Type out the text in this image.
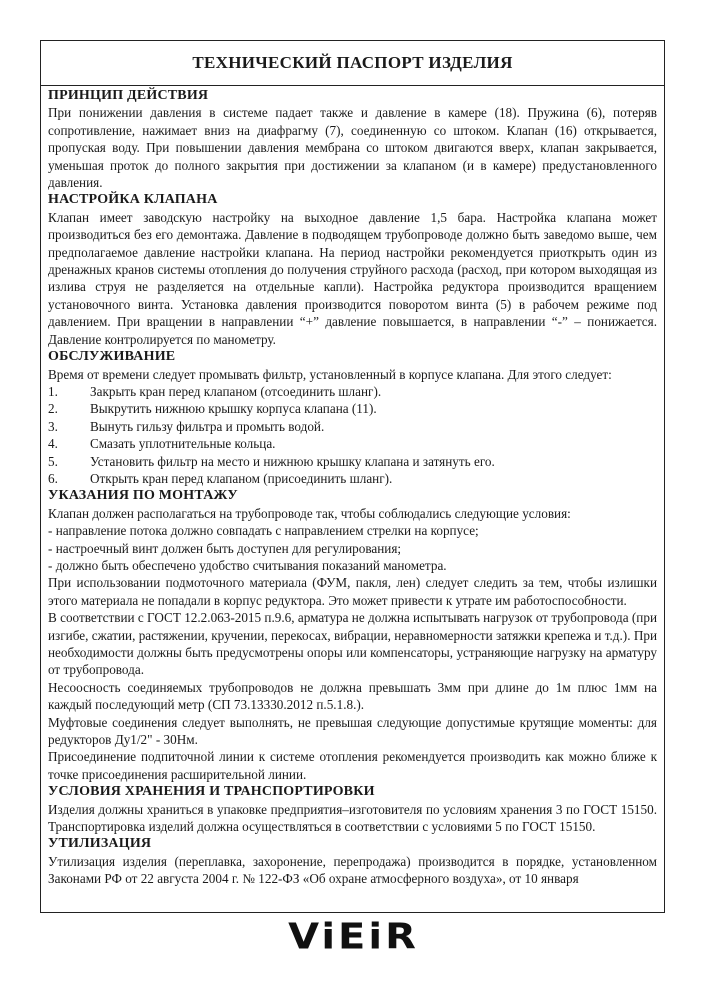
ТЕХНИЧЕСКИЙ ПАСПОРТ ИЗДЕЛИЯ
ПРИНЦИП ДЕЙСТВИЯ

При понижении давления в системе падает также и давление в камере (18). Пружина (6), потеряв сопротивление, нажимает вниз на диафрагму (7), соединенную со штоком. Клапан (16) открывается, пропуская воду. При повышении давления мембрана со штоком двигаются вверх, клапан закрывается, уменьшая проток до полного закрытия при достижении за клапаном (и в камере) предустановленного давления.

НАСТРОЙКА КЛАПАНА

Клапан имеет заводскую настройку на выходное давление 1,5 бара. Настройка клапана может производиться без его демонтажа. Давление в подводящем трубопроводе должно быть заведомо выше, чем предполагаемое давление настройки клапана. На период настройки рекомендуется приоткрыть один из дренажных кранов системы отопления до получения струйного расхода (расход, при котором выходящая из излива струя не разделяется на отдельные капли). Настройка редуктора производится вращением установочного винта. Установка давления производится поворотом винта (5) в рабочем режиме под давлением. При вращении в направлении “+” давление повышается, в направлении “-” – понижается. Давление контролируется по манометру.

ОБСЛУЖИВАНИЕ

Время от времени следует промывать фильтр, установленный в корпусе клапана. Для этого следует:

1.	Закрыть кран перед клапаном (отсоединить шланг).
2.	Выкрутить нижнюю крышку корпуса клапана (11).
3.	Вынуть гильзу фильтра и промыть водой.
4.	Смазать уплотнительные кольца.
5.	Установить фильтр на место и нижнюю крышку клапана и затянуть его.
6.	Открыть кран перед клапаном (присоединить шланг).
УКАЗАНИЯ ПО МОНТАЖУ

Клапан должен располагаться на трубопроводе так, чтобы соблюдались следующие условия:

- направление потока должно совпадать с направлением стрелки на корпусе;

- настроечный винт должен быть доступен для регулирования;

- должно быть обеспечено удобство считывания показаний манометра.

При использовании подмоточного материала (ФУМ, пакля, лен) следует следить за тем, чтобы излишки этого материала не попадали в корпус редуктора. Это может привести к утрате им работоспособности.

В соответствии с ГОСТ 12.2.063-2015 п.9.6, арматура не должна испытывать нагрузок от трубопровода (при изгибе, сжатии, растяжении, кручении, перекосах, вибрации, неравномерности затяжки крепежа и т.д.). При необходимости должны быть предусмотрены опоры или компенсаторы, устраняющие нагрузку на арматуру от трубопровода.

Несоосность соединяемых трубопроводов не должна превышать 3мм при длине до 1м плюс 1мм на каждый последующий метр (СП 73.13330.2012 п.5.1.8.).

Муфтовые соединения следует выполнять, не превышая следующие допустимые крутящие моменты: для редукторов Ду1/2" - 30Нм.

Присоединение подпиточной линии к системе отопления рекомендуется производить как можно ближе к точке присоединения расширительной линии.

УСЛОВИЯ ХРАНЕНИЯ И ТРАНСПОРТИРОВКИ

Изделия должны храниться в упаковке предприятия–изготовителя по условиям хранения 3 по ГОСТ 15150. Транспортировка изделий должна осуществляться в соответствии с условиями 5 по ГОСТ 15150.

УТИЛИЗАЦИЯ

Утилизация изделия (переплавка, захоронение, перепродажа) производится в порядке, установленном Законами РФ от 22 августа 2004 г. № 122-ФЗ «Об охране атмосферного воздуха», от 10 января

ViEiR
